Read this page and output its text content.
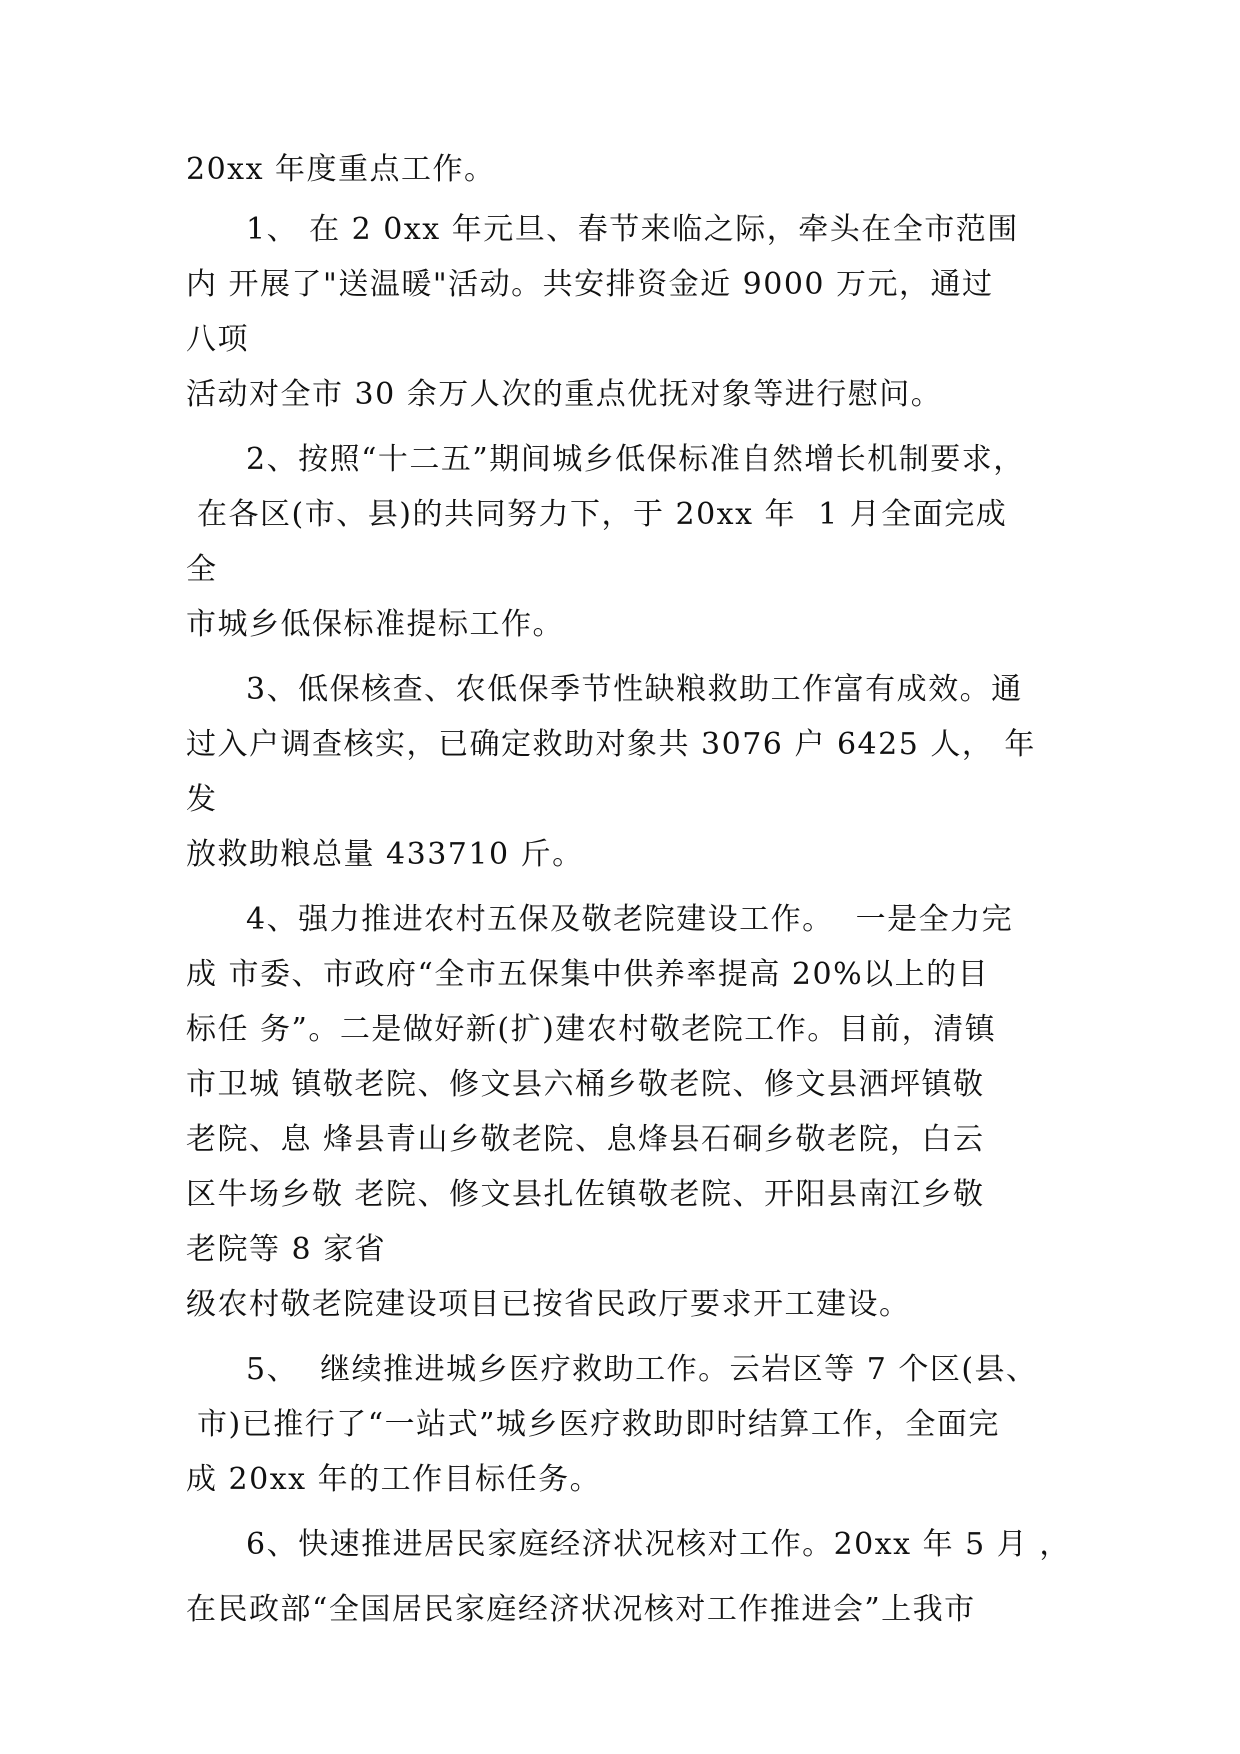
20xx 年度重点工作。
1、 在 2 0xx 年元旦、春节来临之际，牵头在全市范围
内 开展了"送温暖"活动。共安排资金近 9000 万元，通过
八项
活动对全市 30 余万人次的重点优抚对象等进行慰问。
2、按照“十二五”期间城乡低保标准自然增长机制要求，
在各区(市、县)的共同努力下，于 20xx 年  1 月全面完成
全
市城乡低保标准提标工作。
3、低保核查、农低保季节性缺粮救助工作富有成效。通
过入户调查核实，已确定救助对象共 3076 户 6425 人， 年
发
放救助粮总量 433710 斤。
4、强力推进农村五保及敬老院建设工作。  一是全力完
成 市委、市政府“全市五保集中供养率提高 20%以上的目
标任 务”。二是做好新(扩)建农村敬老院工作。目前，清镇
市卫城 镇敬老院、修文县六桶乡敬老院、修文县洒坪镇敬
老院、息 烽县青山乡敬老院、息烽县石硐乡敬老院，白云
区牛场乡敬 老院、修文县扎佐镇敬老院、开阳县南江乡敬
老院等 8 家省
级农村敬老院建设项目已按省民政厅要求开工建设。
5、  继续推进城乡医疗救助工作。云岩区等 7 个区(县、
市)已推行了“一站式”城乡医疗救助即时结算工作，全面完
成 20xx 年的工作目标任务。
6、快速推进居民家庭经济状况核对工作。20xx 年 5 月 ，
在民政部“全国居民家庭经济状况核对工作推进会”上我市
